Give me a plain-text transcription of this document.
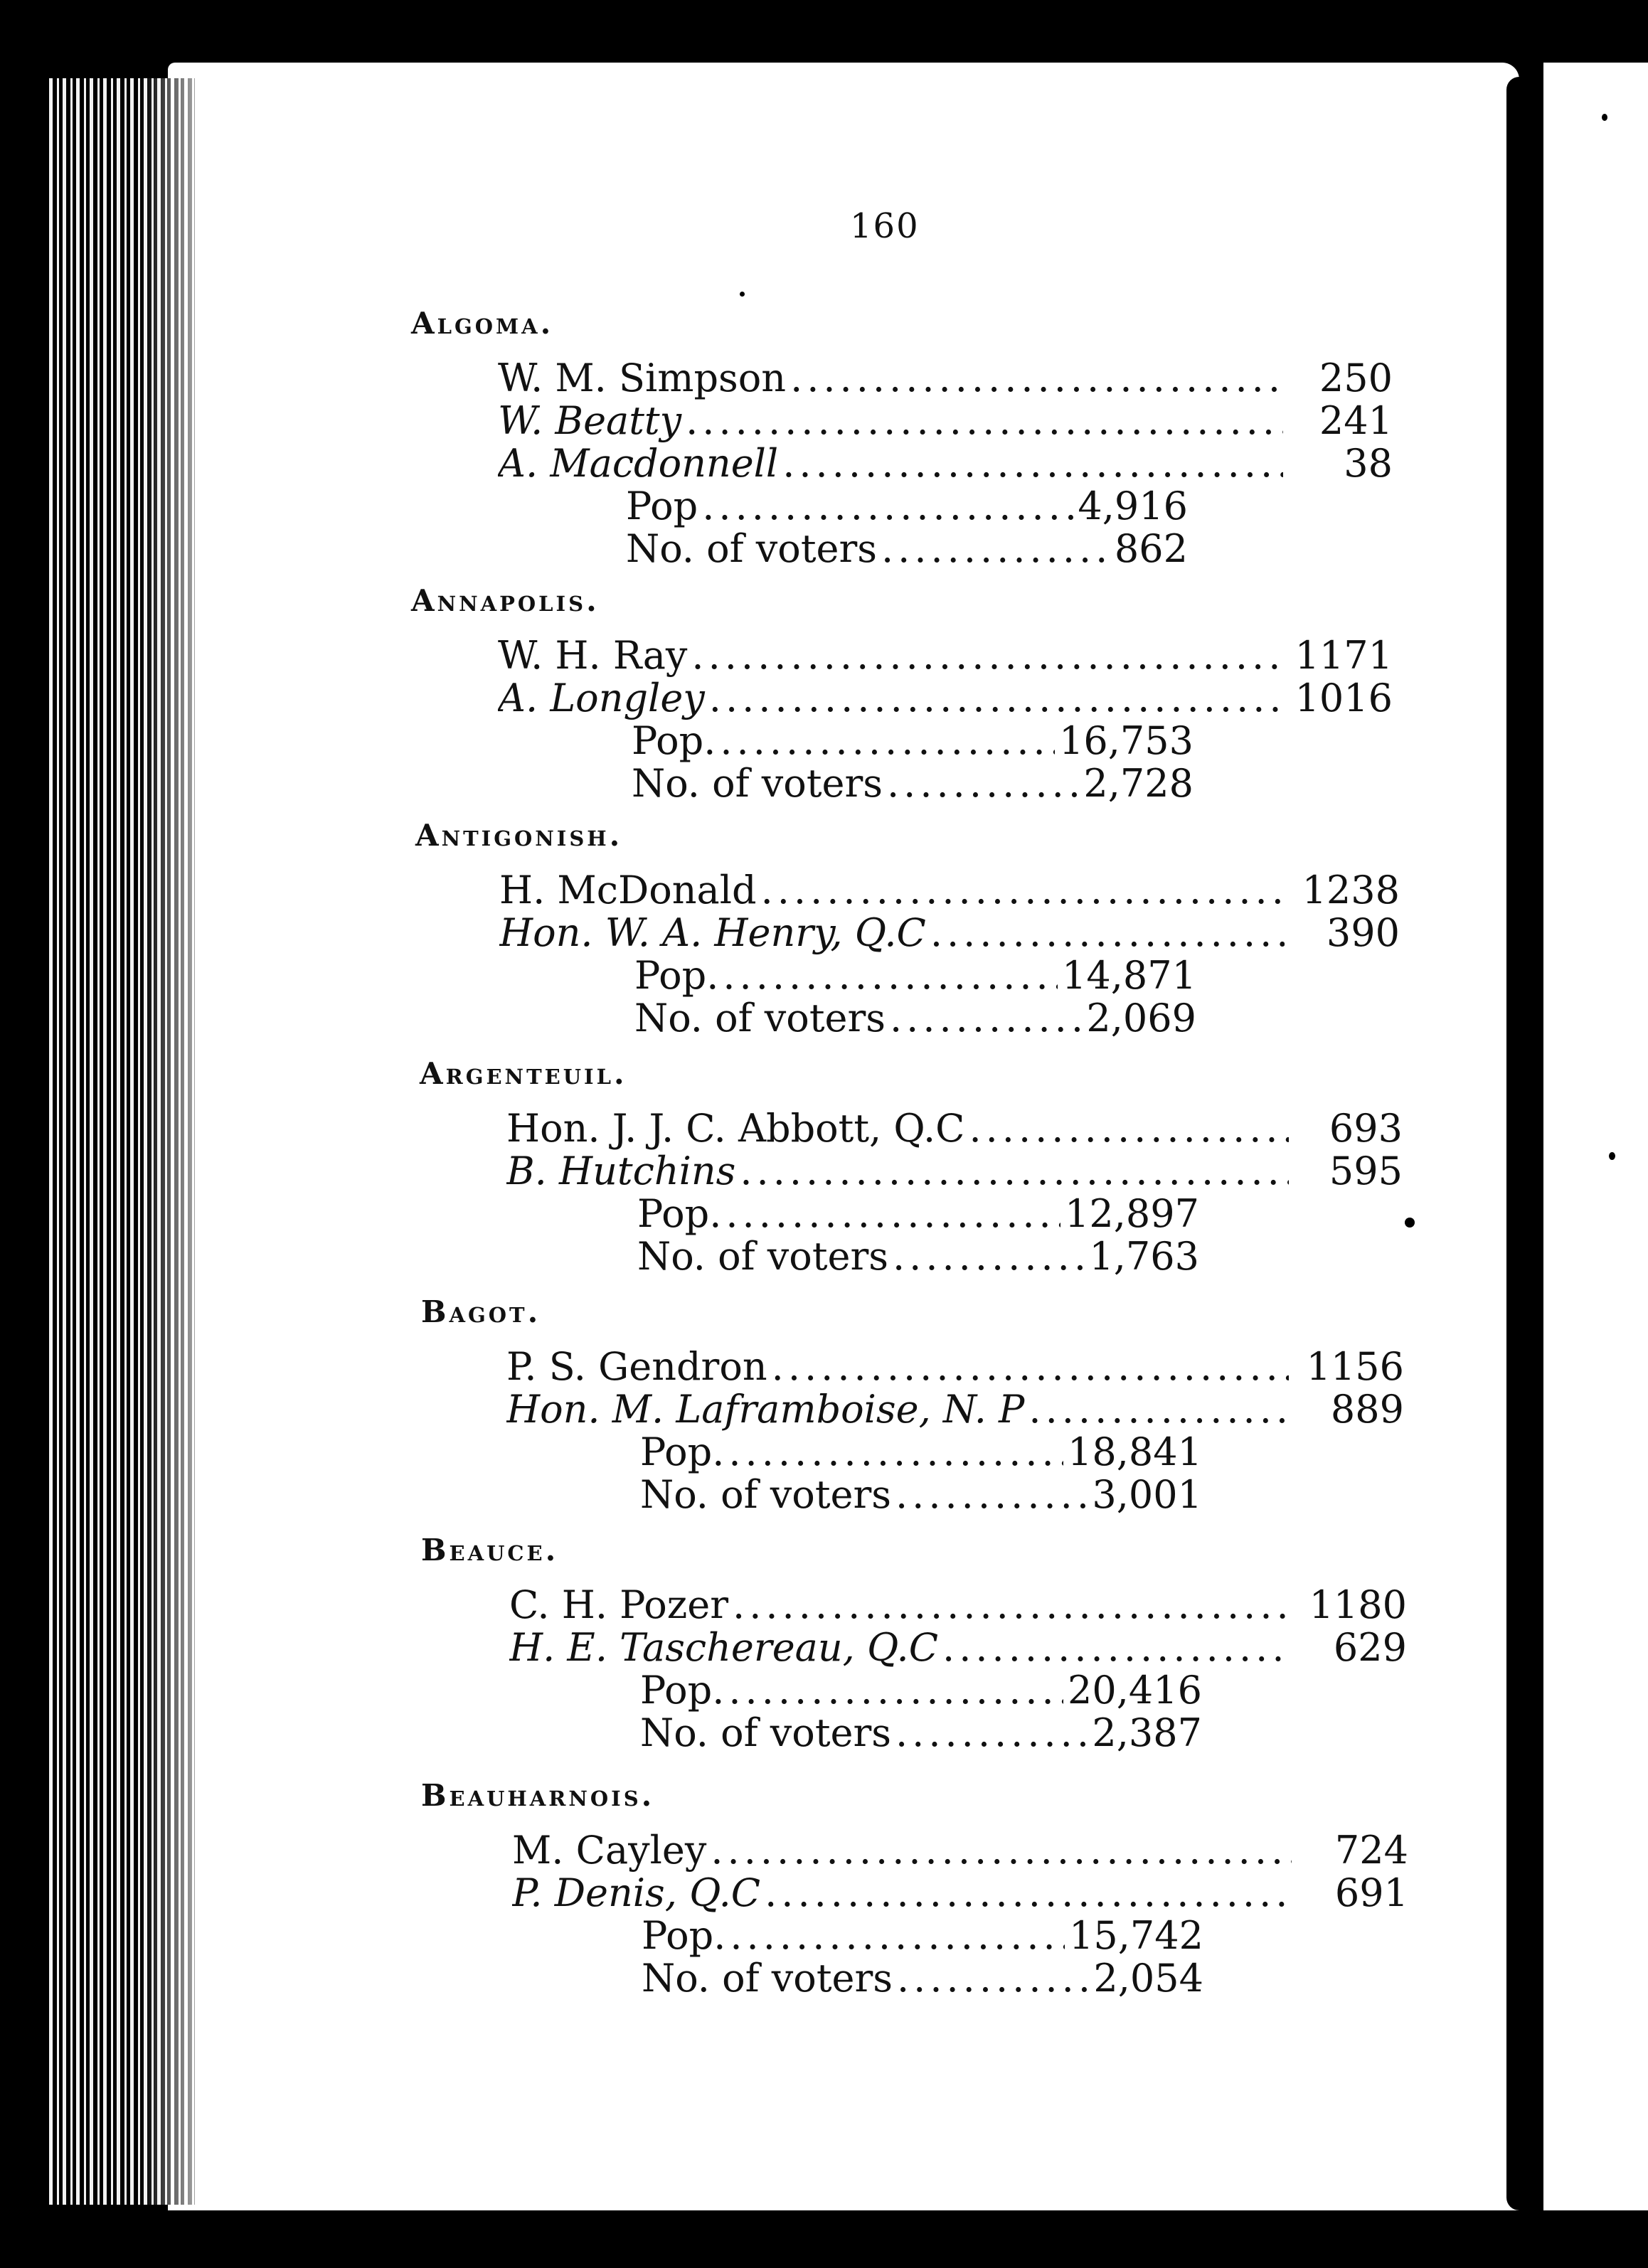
160
Algoma.
W. M. Simpson .....	250
W. Beatty .....	241
A. Macdonnell .....	38
Pop .....	4,916
No. of voters .....	862
Annapolis.
W. H. Ray .....	1171
A. Longley .....	1016
Pop. .....	16,753
No. of voters .....	2,728
Antigonish.
H. McDonald .....	1238
Hon. W. A. Henry, Q.C .....	390
Pop. .....	14,871
No. of voters .....	2,069
Argenteuil.
Hon. J. J. C. Abbott, Q.C .....	693
B. Hutchins .....	595
Pop. .....	12,897
No. of voters .....	1,763
Bagot.
P. S. Gendron .....	1156
Hon. M. Laframboise, N. P .....	889
Pop. .....	18,841
No. of voters .....	3,001
Beauce.
C. H. Pozer .....	1180
H. E. Taschereau, Q.C .....	629
Pop. .....	20,416
No. of voters .....	2,387
Beauharnois.
M. Cayley .....	724
P. Denis, Q.C .....	691
Pop. .....	15,742
No. of voters .....	2,054
